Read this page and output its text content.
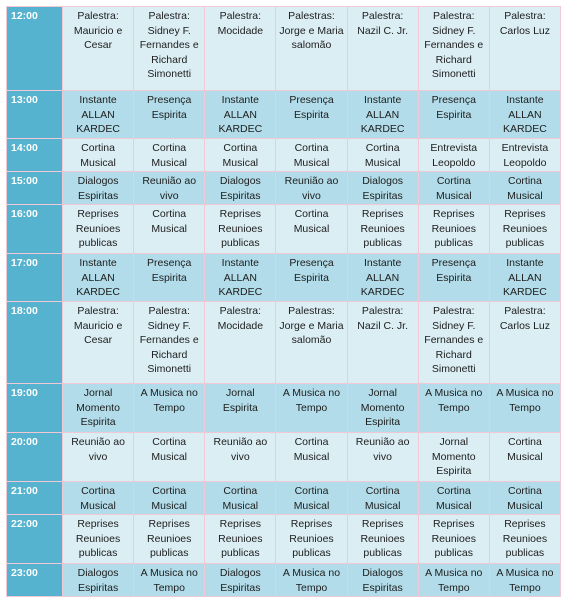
12:00	Palestra: Mauricio e Cesar	Palestra: Sidney F. Fernandes e Richard Simonetti	Palestra: Mocidade	Palestras: Jorge e Maria salomão	Palestra: Nazil C. Jr.	Palestra: Sidney F. Fernandes e Richard Simonetti	Palestra: Carlos Luz
13:00	Instante ALLAN KARDEC	Presença Espirita	Instante ALLAN KARDEC	Presença Espirita	Instante ALLAN KARDEC	Presença Espirita	Instante ALLAN KARDEC
14:00	Cortina Musical	Cortina Musical	Cortina Musical	Cortina Musical	Cortina Musical	Entrevista Leopoldo	Entrevista Leopoldo
15:00	Dialogos Espiritas	Reunião ao vivo	Dialogos Espiritas	Reunião ao vivo	Dialogos Espiritas	Cortina Musical	Cortina Musical
16:00	Reprises Reunioes publicas	Cortina Musical	Reprises Reunioes publicas	Cortina Musical	Reprises Reunioes publicas	Reprises Reunioes publicas	Reprises Reunioes publicas
17:00	Instante ALLAN KARDEC	Presença Espirita	Instante ALLAN KARDEC	Presença Espirita	Instante ALLAN KARDEC	Presença Espirita	Instante ALLAN KARDEC
18:00	Palestra: Mauricio e Cesar	Palestra: Sidney F. Fernandes e Richard Simonetti	Palestra: Mocidade	Palestras: Jorge e Maria salomão	Palestra: Nazil C. Jr.	Palestra: Sidney F. Fernandes e Richard Simonetti	Palestra: Carlos Luz
19:00	Jornal Momento Espirita	A Musica no Tempo	Jornal Espirita	A Musica no Tempo	Jornal Momento Espirita	A Musica no Tempo	A Musica no Tempo
20:00	Reunião ao vivo	Cortina Musical	Reunião ao vivo	Cortina Musical	Reunião ao vivo	Jornal Momento Espirita	Cortina Musical
21:00	Cortina Musical	Cortina Musical	Cortina Musical	Cortina Musical	Cortina Musical	Cortina Musical	Cortina Musical
22:00	Reprises Reunioes publicas	Reprises Reunioes publicas	Reprises Reunioes publicas	Reprises Reunioes publicas	Reprises Reunioes publicas	Reprises Reunioes publicas	Reprises Reunioes publicas
23:00	Dialogos Espiritas	A Musica no Tempo	Dialogos Espiritas	A Musica no Tempo	Dialogos Espiritas	A Musica no Tempo	A Musica no Tempo
